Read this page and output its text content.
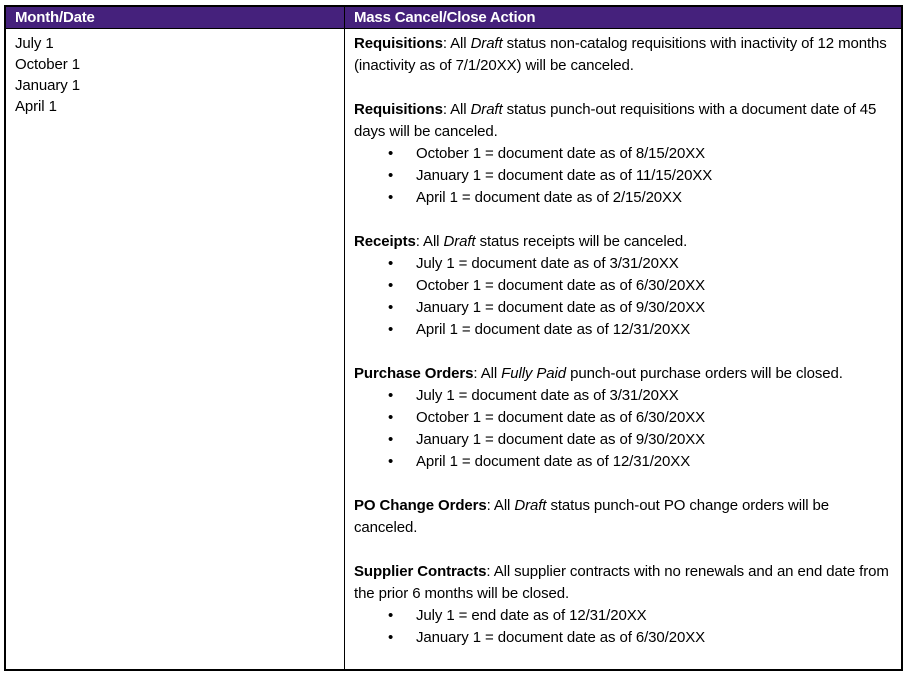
Month/Date	Mass Cancel/Close Action
July 1
October 1
January 1
April 1

Requisitions: All Draft status non-catalog requisitions with inactivity of 12 months (inactivity as of 7/1/20XX) will be canceled.

Requisitions: All Draft status punch-out requisitions with a document date of 45 days will be canceled.

• October 1 = document date as of 8/15/20XX
• January 1 = document date as of 11/15/20XX
• April 1 = document date as of 2/15/20XX

Receipts: All Draft status receipts will be canceled.

• July 1 = document date as of 3/31/20XX
• October 1 = document date as of 6/30/20XX
• January 1 = document date as of 9/30/20XX
• April 1 = document date as of 12/31/20XX

Purchase Orders: All Fully Paid punch-out purchase orders will be closed.

• July 1 = document date as of 3/31/20XX
• October 1 = document date as of 6/30/20XX
• January 1 = document date as of 9/30/20XX
• April 1 = document date as of 12/31/20XX

PO Change Orders: All Draft status punch-out PO change orders will be canceled.

Supplier Contracts: All supplier contracts with no renewals and an end date from the prior 6 months will be closed.

• July 1 = end date as of 12/31/20XX
• January 1 = document date as of 6/30/20XX
